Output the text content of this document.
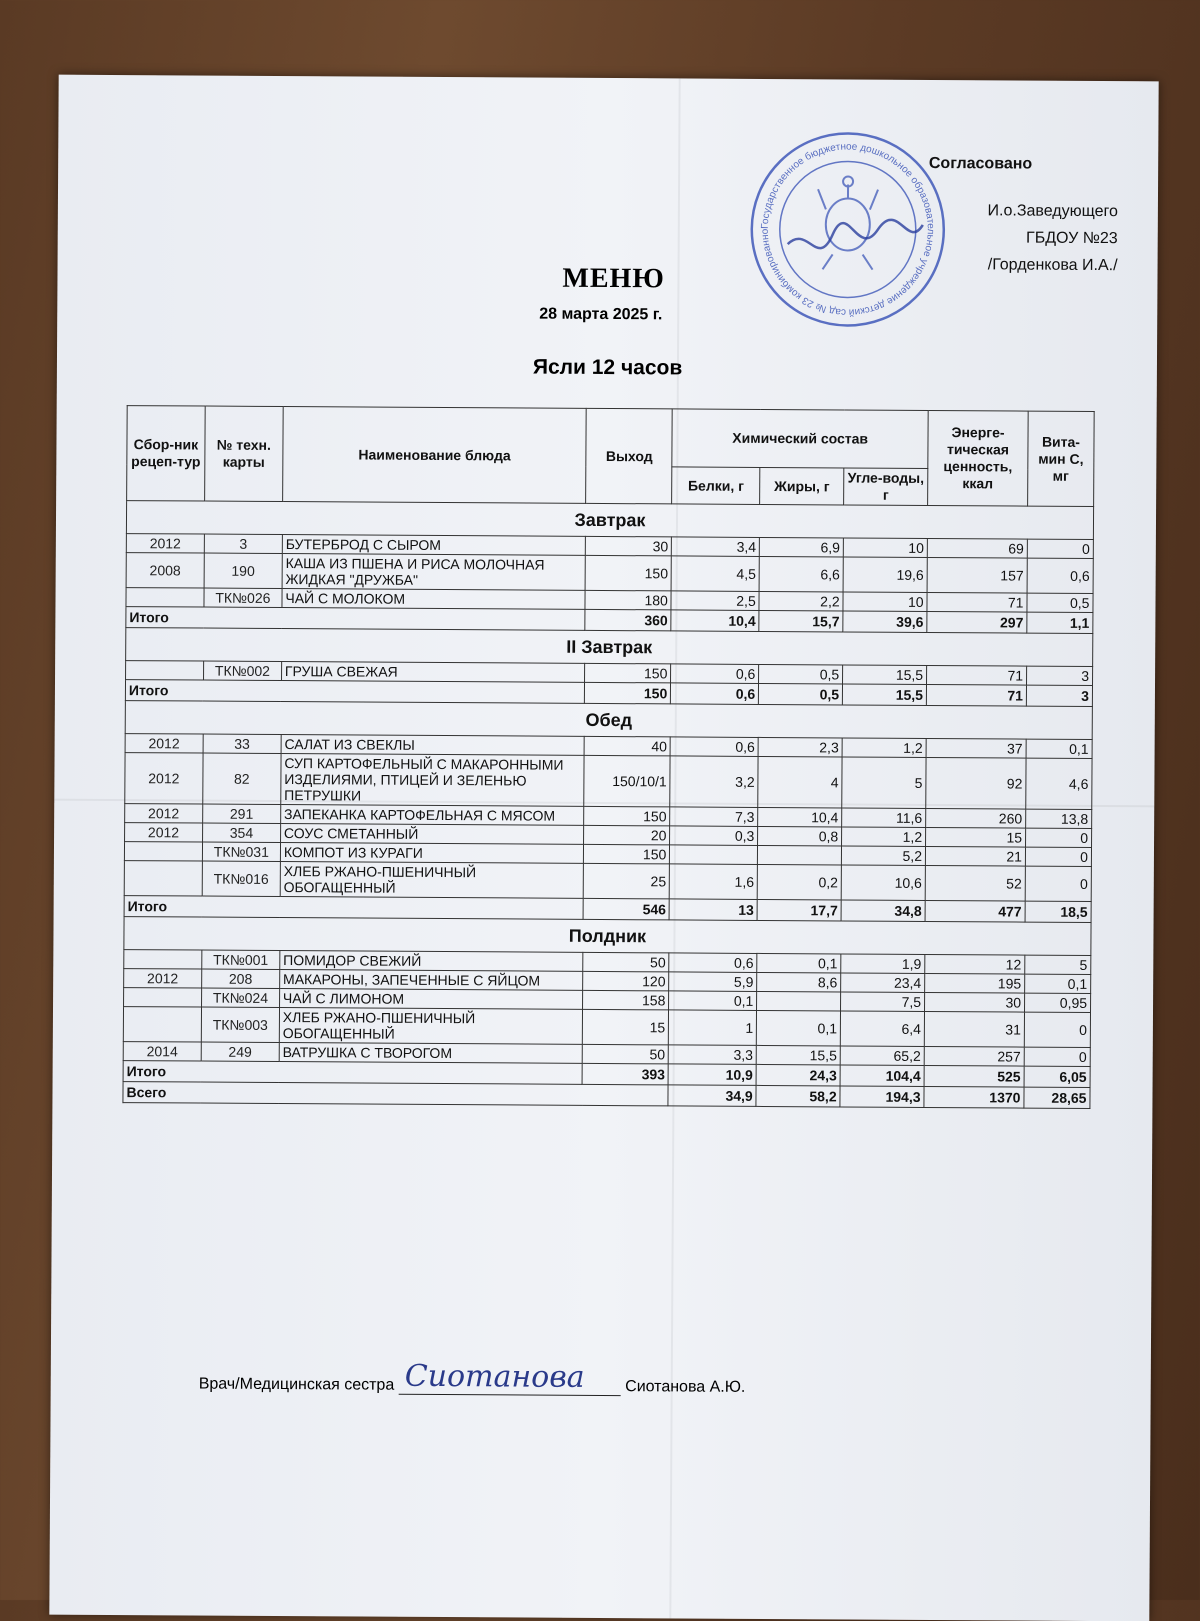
Государственное бюджетное дошкольное образовательное учреждение детский сад № 23 комбинированного
Согласовано
И.о.Заведующего
ГБДОУ №23
/Горденкова И.А./
МЕНЮ
28 марта 2025 г.
Ясли 12 часов
Сбор-ник рецеп-тур	№ техн. карты	Наименование блюда	Выход	Химический состав			Энерге-тическая ценность, ккал	Вита-мин С, мг
				Белки, г	Жиры, г	Угле-воды, г		
Завтрак								
2012	3	БУТЕРБРОД С СЫРОМ	30	3,4	6,9	10	69	0
2008	190	КАША ИЗ ПШЕНА И РИСА МОЛОЧНАЯ ЖИДКАЯ "ДРУЖБА"	150	4,5	6,6	19,6	157	0,6
	ТК№026	ЧАЙ С МОЛОКОМ	180	2,5	2,2	10	71	0,5
Итого			360	10,4	15,7	39,6	297	1,1
II Завтрак								
	ТК№002	ГРУША СВЕЖАЯ	150	0,6	0,5	15,5	71	3
Итого			150	0,6	0,5	15,5	71	3
Обед								
2012	33	САЛАТ ИЗ СВЕКЛЫ	40	0,6	2,3	1,2	37	0,1
2012	82	СУП КАРТОФЕЛЬНЫЙ С МАКАРОННЫМИ ИЗДЕЛИЯМИ, ПТИЦЕЙ И ЗЕЛЕНЬЮ ПЕТРУШКИ	150/10/1	3,2	4	5	92	4,6
2012	291	ЗАПЕКАНКА КАРТОФЕЛЬНАЯ С МЯСОМ	150	7,3	10,4	11,6	260	13,8
2012	354	СОУС СМЕТАННЫЙ	20	0,3	0,8	1,2	15	0
	ТК№031	КОМПОТ ИЗ КУРАГИ	150			5,2	21	0
	ТК№016	ХЛЕБ РЖАНО-ПШЕНИЧНЫЙ ОБОГАЩЕННЫЙ	25	1,6	0,2	10,6	52	0
Итого			546	13	17,7	34,8	477	18,5
Полдник								
	ТК№001	ПОМИДОР СВЕЖИЙ	50	0,6	0,1	1,9	12	5
2012	208	МАКАРОНЫ, ЗАПЕЧЕННЫЕ С ЯЙЦОМ	120	5,9	8,6	23,4	195	0,1
	ТК№024	ЧАЙ С ЛИМОНОМ	158	0,1		7,5	30	0,95
	ТК№003	ХЛЕБ РЖАНО-ПШЕНИЧНЫЙ ОБОГАЩЕННЫЙ	15	1	0,1	6,4	31	0
2014	249	ВАТРУШКА С ТВОРОГОМ	50	3,3	15,5	65,2	257	0
Итого			393	10,9	24,3	104,4	525	6,05
Всего				34,9	58,2	194,3	1370	28,65
Врач/Медицинская сестра Сиотанова	Сиотанова А.Ю.
